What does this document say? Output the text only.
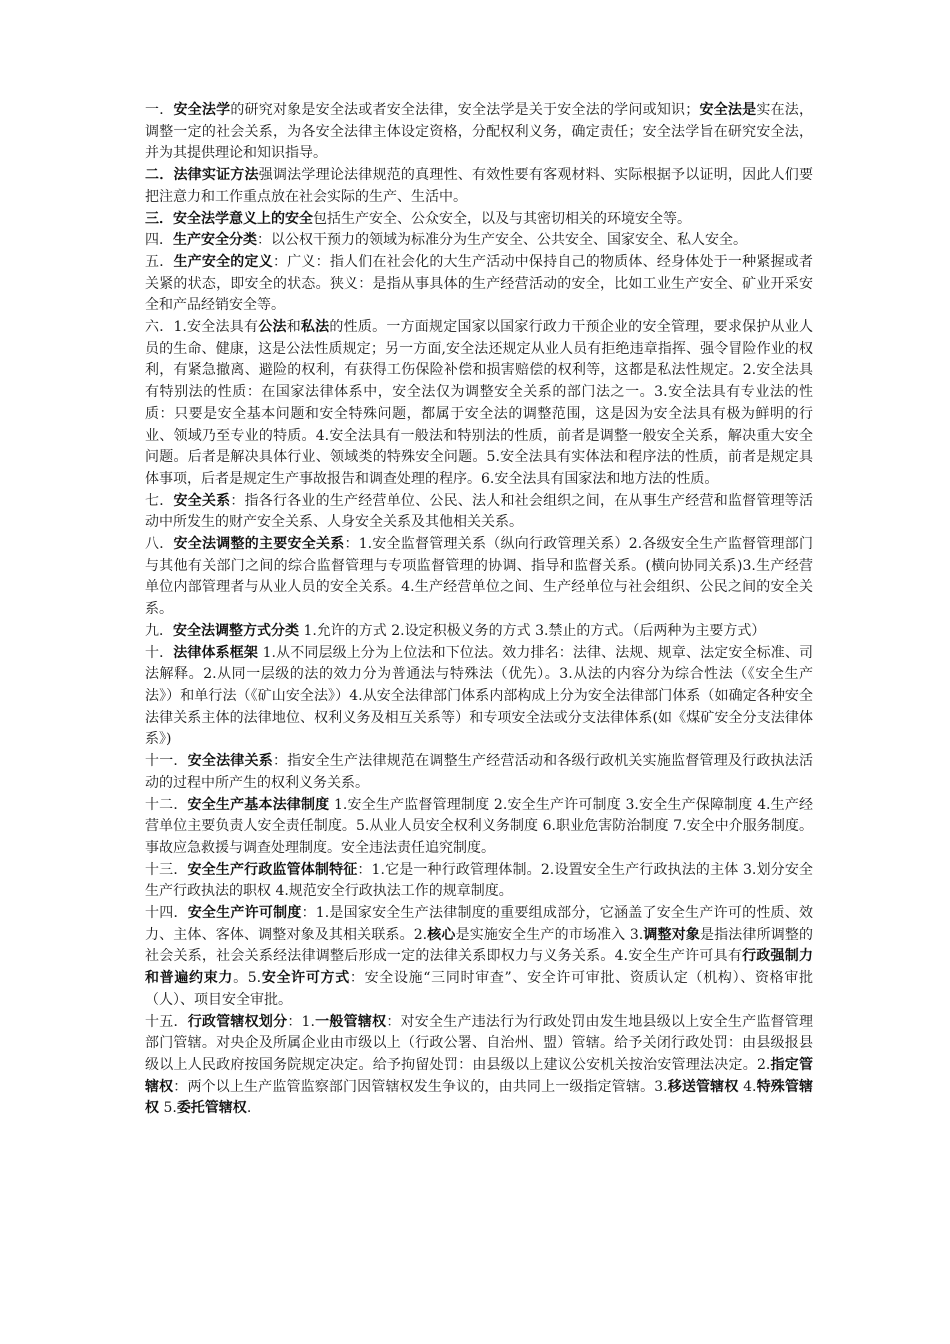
一．安全法学的研究对象是安全法或者安全法律，安全法学是关于安全法的学问或知识；安全法是实在法，调整一定的社会关系，为各安全法律主体设定资格，分配权利义务，确定责任；安全法学旨在研究安全法，并为其提供理论和知识指导。
二．法律实证方法强调法学理论法律规范的真理性、有效性要有客观材料、实际根据予以证明，因此人们要把注意力和工作重点放在社会实际的生产、生活中。
三．安全法学意义上的安全包括生产安全、公众安全，以及与其密切相关的环境安全等。
四．生产安全分类：以公权干预力的领域为标准分为生产安全、公共安全、国家安全、私人安全。
五．生产安全的定义：广义：指人们在社会化的大生产活动中保持自己的物质体、经身体处于一种紧握或者关紧的状态，即安全的状态。狭义：是指从事具体的生产经营活动的安全，比如工业生产安全、矿业开采安全和产品经销安全等。
六．1.安全法具有公法和私法的性质。一方面规定国家以国家行政力干预企业的安全管理，要求保护从业人员的生命、健康，这是公法性质规定；另一方面,安全法还规定从业人员有拒绝违章指挥、强令冒险作业的权利，有紧急撤离、避险的权利，有获得工伤保险补偿和损害赔偿的权利等，这都是私法性规定。2.安全法具有特别法的性质：在国家法律体系中，安全法仅为调整安全关系的部门法之一。3.安全法具有专业法的性质：只要是安全基本问题和安全特殊问题，都属于安全法的调整范围，这是因为安全法具有极为鲜明的行业、领域乃至专业的特质。4.安全法具有一般法和特别法的性质，前者是调整一般安全关系，解决重大安全问题。后者是解决具体行业、领域类的特殊安全问题。5.安全法具有实体法和程序法的性质，前者是规定具体事项，后者是规定生产事故报告和调查处理的程序。6.安全法具有国家法和地方法的性质。
七．安全关系：指各行各业的生产经营单位、公民、法人和社会组织之间，在从事生产经营和监督管理等活动中所发生的财产安全关系、人身安全关系及其他相关关系。
八．安全法调整的主要安全关系：1.安全监督管理关系（纵向行政管理关系）2.各级安全生产监督管理部门与其他有关部门之间的综合监督管理与专项监督管理的协调、指导和监督关系。(横向协同关系)3.生产经营单位内部管理者与从业人员的安全关系。4.生产经营单位之间、生产经单位与社会组织、公民之间的安全关系。
九．安全法调整方式分类 1.允许的方式 2.设定积极义务的方式 3.禁止的方式。（后两种为主要方式）
十．法律体系框架 1.从不同层级上分为上位法和下位法。效力排名：法律、法规、规章、法定安全标准、司法解释。2.从同一层级的法的效力分为普通法与特殊法（优先）。3.从法的内容分为综合性法（《安全生产法》）和单行法（《矿山安全法》）4.从安全法律部门体系内部构成上分为安全法律部门体系（如确定各种安全法律关系主体的法律地位、权利义务及相互关系等）和专项安全法或分支法律体系(如《煤矿安全分支法律体系》)
十一．安全法律关系：指安全生产法律规范在调整生产经营活动和各级行政机关实施监督管理及行政执法活动的过程中所产生的权利义务关系。
十二．安全生产基本法律制度 1.安全生产监督管理制度 2.安全生产许可制度 3.安全生产保障制度 4.生产经营单位主要负责人安全责任制度。5.从业人员安全权利义务制度 6.职业危害防治制度 7.安全中介服务制度。事故应急救援与调查处理制度。安全违法责任追究制度。
十三．安全生产行政监管体制特征：1.它是一种行政管理体制。2.设置安全生产行政执法的主体 3.划分安全生产行政执法的职权 4.规范安全行政执法工作的规章制度。
十四．安全生产许可制度：1.是国家安全生产法律制度的重要组成部分，它涵盖了安全生产许可的性质、效力、主体、客体、调整对象及其相关联系。2.核心是实施安全生产的市场准入 3.调整对象是指法律所调整的社会关系，社会关系经法律调整后形成一定的法律关系即权力与义务关系。4.安全生产许可具有行政强制力和普遍约束力。5.安全许可方式：安全设施“三同时审查”、安全许可审批、资质认定（机构）、资格审批（人）、项目安全审批。
十五．行政管辖权划分：1.一般管辖权：对安全生产违法行为行政处罚由发生地县级以上安全生产监督管理部门管辖。对央企及所属企业由市级以上（行政公署、自治州、盟）管辖。给予关闭行政处罚：由县级报县级以上人民政府按国务院规定决定。给予拘留处罚：由县级以上建议公安机关按治安管理法决定。2.指定管辖权：两个以上生产监管监察部门因管辖权发生争议的，由共同上一级指定管辖。3.移送管辖权 4.特殊管辖权 5.委托管辖权.
